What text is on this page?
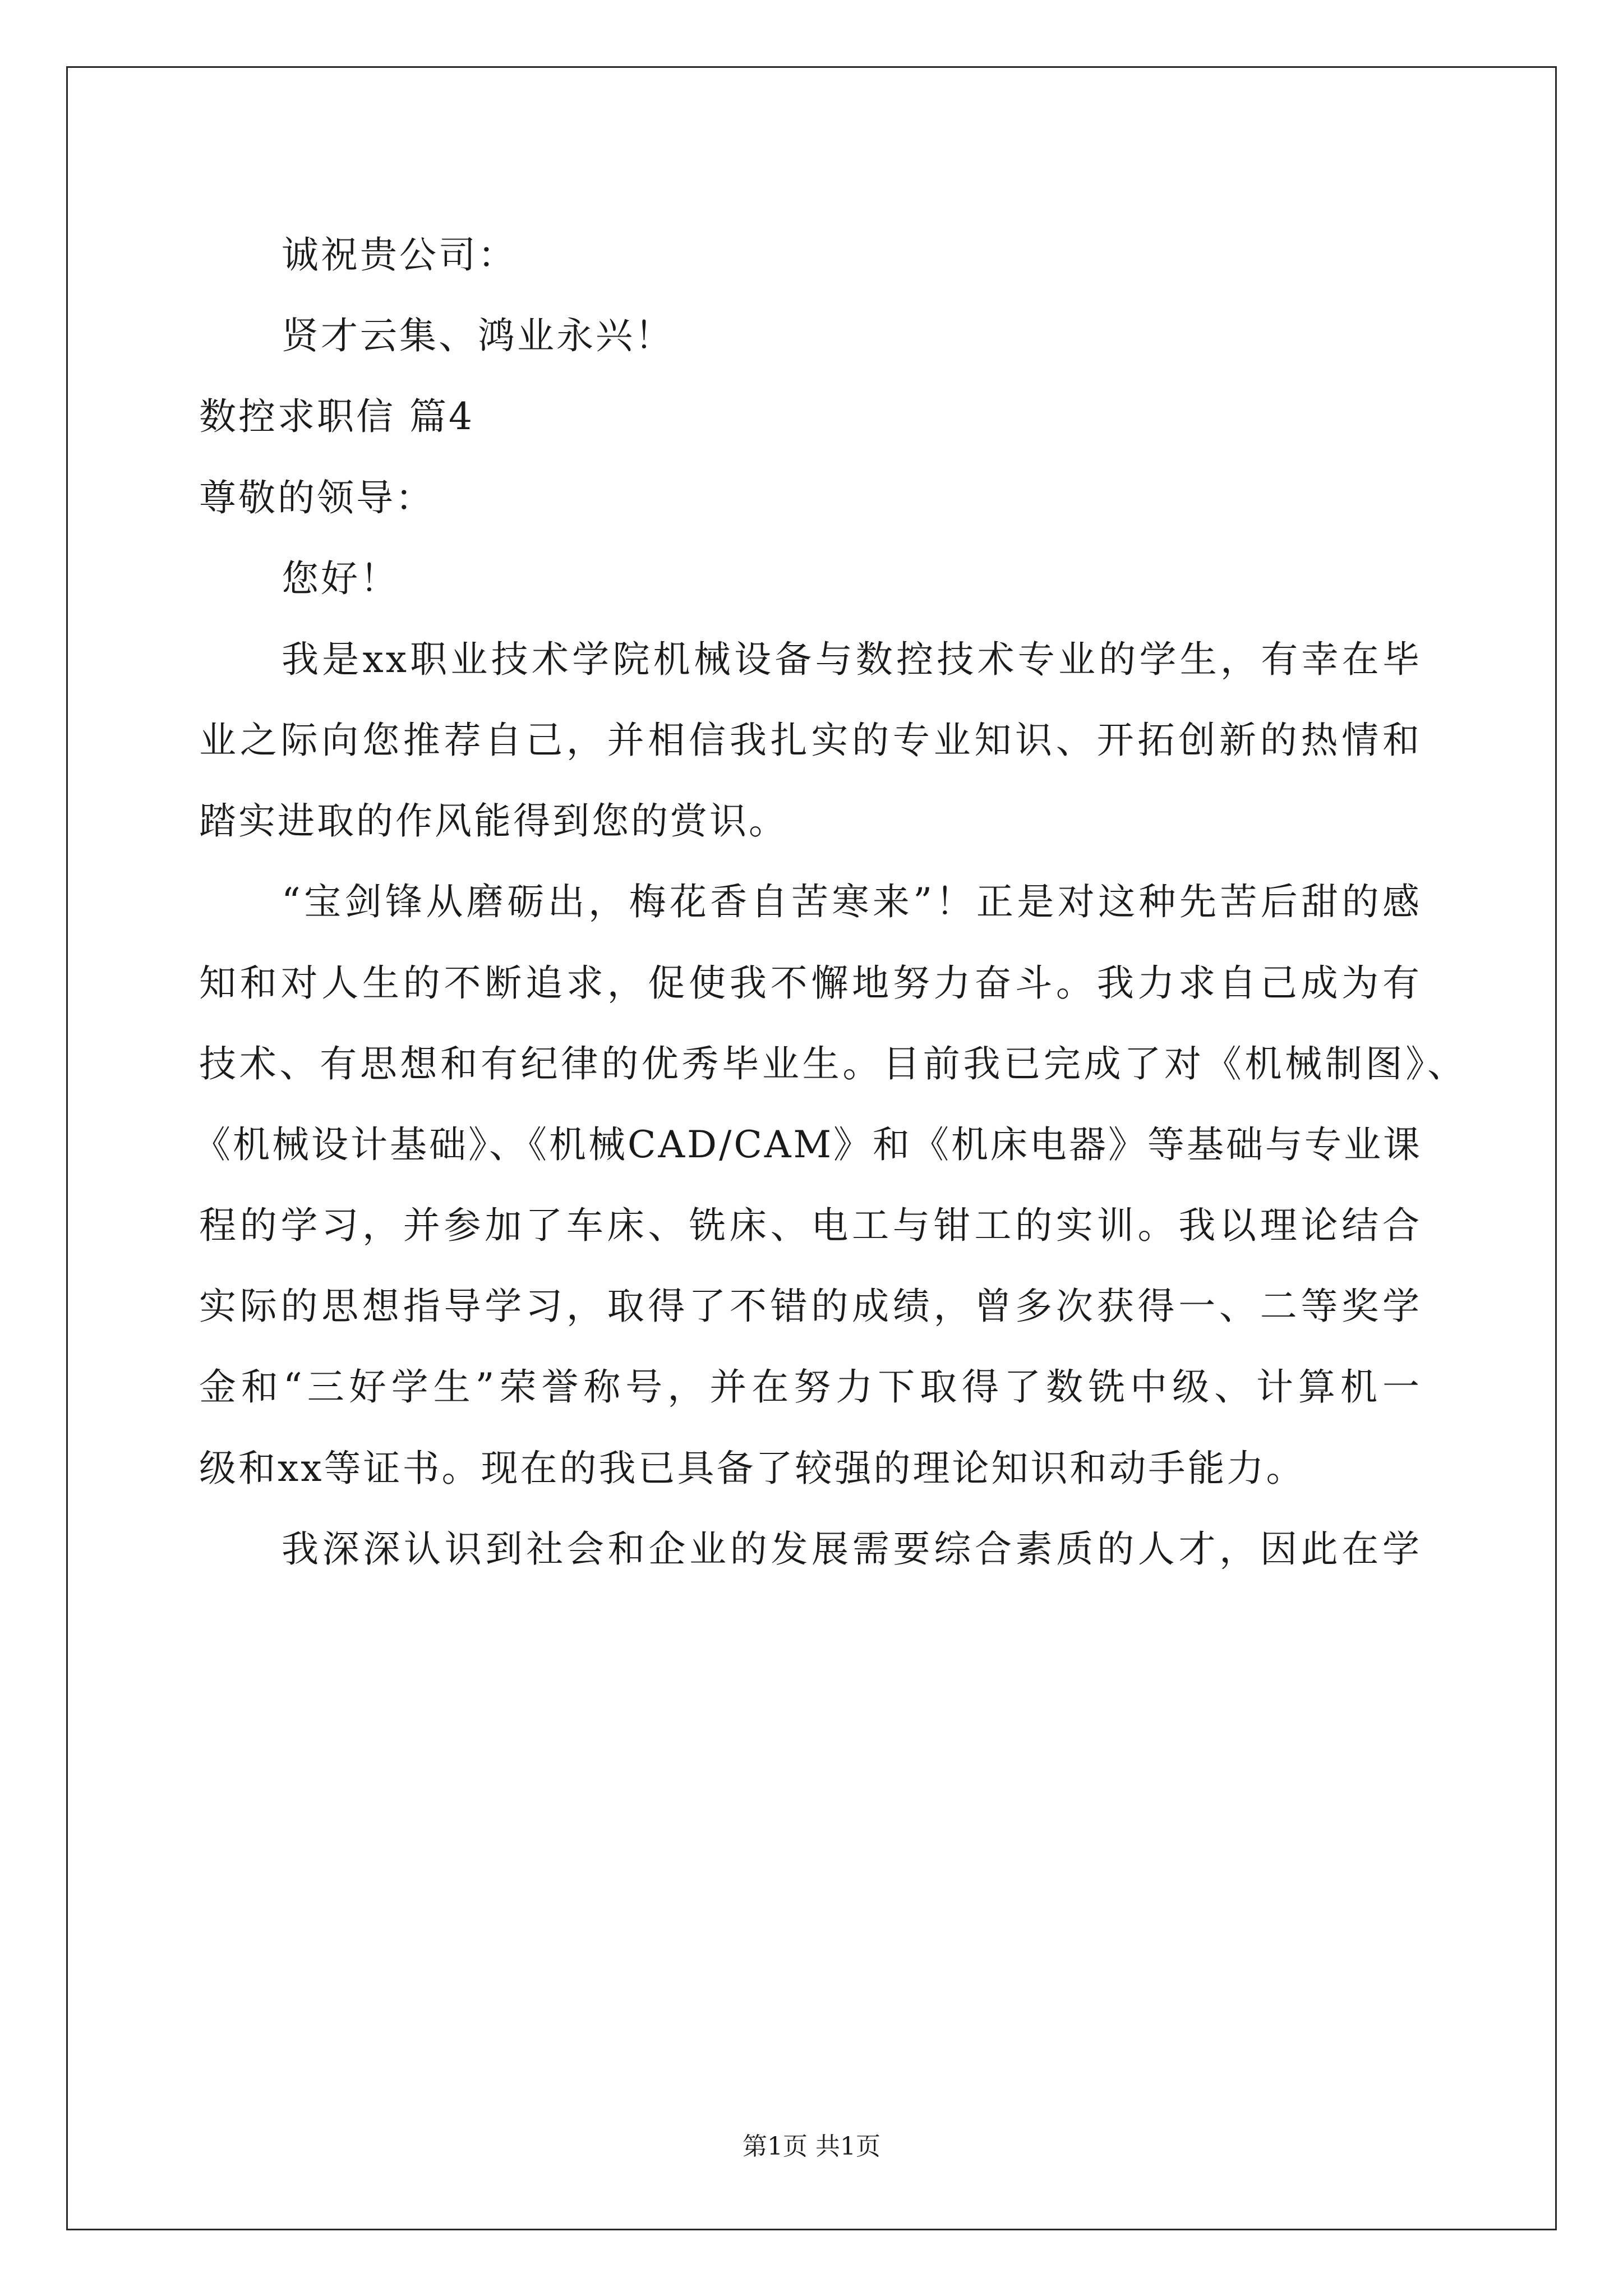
诚祝贵公司：
贤才云集、鸿业永兴！
数控求职信 篇4
尊敬的领导：
您好！
我是xx职业技术学院机械设备与数控技术专业的学生，有幸在毕
业之际向您推荐自己，并相信我扎实的专业知识、开拓创新的热情和
踏实进取的作风能得到您的赏识。
“宝剑锋从磨砺出，梅花香自苦寒来”！正是对这种先苦后甜的感
知和对人生的不断追求，促使我不懈地努力奋斗。我力求自己成为有
技术、有思想和有纪律的优秀毕业生。目前我已完成了对《机械制图》、
《机械设计基础》、《机械CAD/CAM》和《机床电器》等基础与专业课
程的学习，并参加了车床、铣床、电工与钳工的实训。我以理论结合
实际的思想指导学习，取得了不错的成绩，曾多次获得一、二等奖学
金和“三好学生”荣誉称号，并在努力下取得了数铣中级、计算机一
级和xx等证书。现在的我已具备了较强的理论知识和动手能力。
我深深认识到社会和企业的发展需要综合素质的人才，因此在学
第1页 共1页
